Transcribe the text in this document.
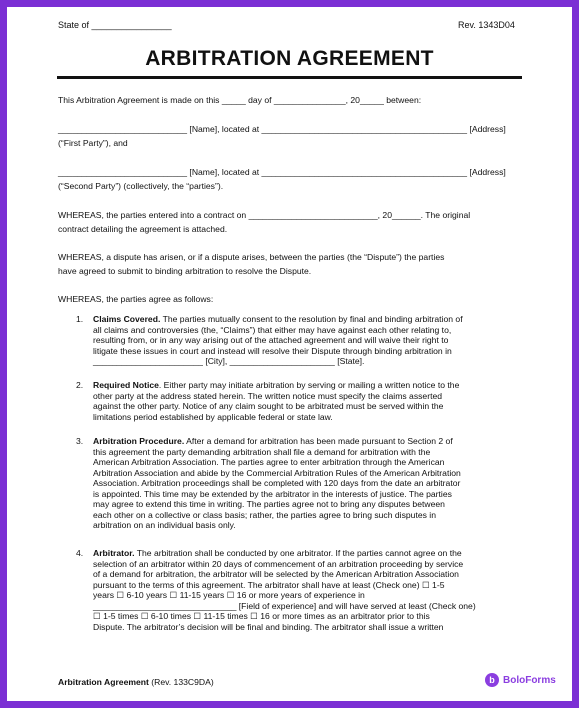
State of ________________	Rev. 1343D04
ARBITRATION AGREEMENT
This Arbitration Agreement is made on this _____ day of _______________, 20_____ between:
___________________________ [Name], located at ___________________________________________ [Address]
(“First Party”), and
___________________________ [Name], located at ___________________________________________ [Address]
(“Second Party”) (collectively, the “parties”).
WHEREAS, the parties entered into a contract on ___________________________, 20______. The original
contract detailing the agreement is attached.
WHEREAS, a dispute has arisen, or if a dispute arises, between the parties (the “Dispute”) the parties
have agreed to submit to binding arbitration to resolve the Dispute.
WHEREAS, the parties agree as follows:
1. Claims Covered. The parties mutually consent to the resolution by final and binding arbitration of
all claims and controversies (the, “Claims”) that either may have against each other relating to,
resulting from, or in any way arising out of the attached agreement and will waive their right to
litigate these issues in court and instead will resolve their Dispute through binding arbitration in
_______________________ [City], ______________________ [State].
2. Required Notice. Either party may initiate arbitration by serving or mailing a written notice to the
other party at the address stated herein. The written notice must specify the claims asserted
against the other party. Notice of any claim sought to be arbitrated must be served within the
limitations period established by applicable federal or state law.
3. Arbitration Procedure. After a demand for arbitration has been made pursuant to Section 2 of
this agreement the party demanding arbitration shall file a demand for arbitration with the
American Arbitration Association. The parties agree to enter arbitration through the American
Arbitration Association and abide by the Commercial Arbitration Rules of the American Arbitration
Association. Arbitration proceedings shall be completed with 120 days from the date an arbitrator
is appointed. This time may be extended by the arbitrator in the interests of justice. The parties
may agree to extend this time in writing. The parties agree not to bring any disputes between
each other on a collective or class basis; rather, the parties agree to bring such disputes in
arbitration on an individual basis only.
4. Arbitrator. The arbitration shall be conducted by one arbitrator. If the parties cannot agree on the
selection of an arbitrator within 20 days of commencement of an arbitration proceeding by service
of a demand for arbitration, the arbitrator will be selected by the American Arbitration Association
pursuant to the terms of this agreement. The arbitrator shall have at least (Check one) ☐ 1-5
years ☐ 6-10 years ☐ 11-15 years ☐ 16 or more years of experience in
______________________________ [Field of experience] and will have served at least (Check one)
☐ 1-5 times ☐ 6-10 times ☐ 11-15 times ☐ 16 or more times as an arbitrator prior to this
Dispute. The arbitrator’s decision will be final and binding. The arbitrator shall issue a written
Arbitration Agreement (Rev. 133C9DA)	b BoloForms
